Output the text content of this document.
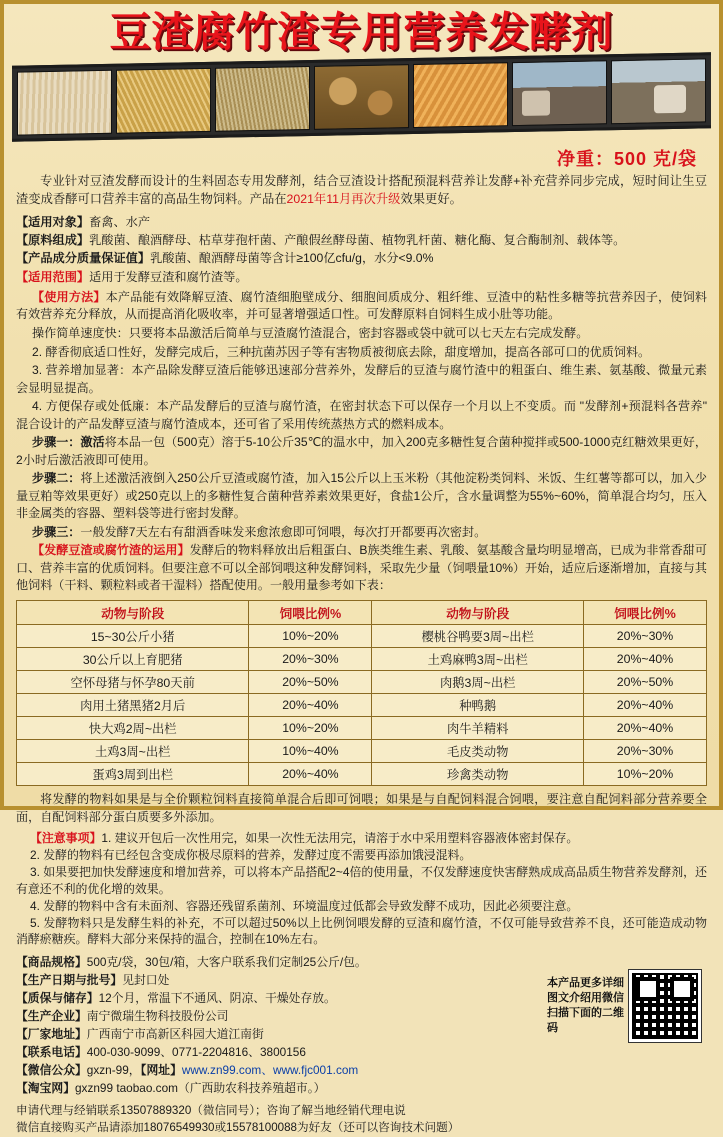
豆渣腐竹渣专用营养发酵剂
净重：500 克/袋
专业针对豆渣发酵而设计的生料固态专用发酵剂，结合豆渣设计搭配预混料营养让发酵+补充营养同步完成，短时间让生豆渣变成香酵可口营养丰富的高品生物饲料。产品在2021年11月再次升级效果更好。
【适用对象】畜禽、水产
【原料组成】乳酸菌、酿酒酵母、枯草芽孢杆菌、产酿假丝酵母菌、植物乳杆菌、糖化酶、复合酶制剂、载体等。
【产品成分质量保证值】乳酸菌、酿酒酵母菌等含计≥100亿cfu/g，水分<9.0%
【适用范围】适用于发酵豆渣和腐竹渣等。

【使用方法】本产品能有效降解豆渣、腐竹渣细胞壁成分、细胞间质成分、粗纤维、豆渣中的粘性多糖等抗营养因子，使饲料有效营养充分释放，从而提高消化吸收率，并可显著增强适口性。可发酵原料自饲料生成小肚等功能。

操作简单速度快：只要将本品激活后简单与豆渣腐竹渣混合，密封容器或袋中就可以七天左右完成发酵。

2. 酵香彻底适口性好，发酵完成后，三种抗菌苏因子等有害物质被彻底去除，甜度增加，提高各部可口的优质饲料。

3. 营养增加显著：本产品除发酵豆渣后能够迅速部分营养外，发酵后的豆渣与腐竹渣中的粗蛋白、维生素、氨基酸、微量元素会显明显提高。

4. 方便保存或处低廉：本产品发酵后的豆渣与腐竹渣，在密封状态下可以保存一个月以上不变质。而 "发酵剂+预混料各营养" 混合设计的产品发酵豆渣与腐竹渣成本，还可省了采用传统蒸热方式的燃料成本。

步骤一：激活将本品一包（500克）溶于5-10公斤35℃的温水中，加入200克多糖性复合菌种搅拌或500-1000克红糖效果更好，2小时后激活液即可使用。

步骤二：将上述激活液倒入250公斤豆渣或腐竹渣，加入15公斤以上玉米粉（其他淀粉类饲料、米饭、生红薯等都可以，加入少量豆粕等效果更好）或250克以上的多糖性复合菌种营养素效果更好，食盐1公斤，含水量调整为55%~60%，简单混合均匀，压入非金属类的容器、塑料袋等进行密封发酵。

步骤三：一般发酵7天左右有甜酒香味发来愈浓愈即可饲喂，每次打开都要再次密封。

【发酵豆渣或腐竹渣的运用】发酵后的物料释放出后粗蛋白、B族类维生素、乳酸、氨基酸含量均明显增高，已成为非常香甜可口、营养丰富的优质饲料。但要注意不可以全部饲喂这种发酵饲料，采取先少量（饲喂量10%）开始，适应后逐渐增加，直接与其他饲料（干料、颗粒料或者干湿料）搭配使用。一般用量参考如下表：

动物与阶段	饲喂比例%	动物与阶段	饲喂比例%
15~30公斤小猪	10%~20%	樱桃谷鸭要3周~出栏	20%~30%
30公斤以上育肥猪	20%~30%	土鸡麻鸭3周~出栏	20%~40%
空怀母猪与怀孕80天前	20%~50%	肉鹅3周~出栏	20%~50%
肉用土猪黑猪2月后	20%~40%	种鸭鹅	20%~40%
快大鸡2周~出栏	10%~20%	肉牛羊精料	20%~40%
土鸡3周~出栏	10%~40%	毛皮类动物	20%~30%
蛋鸡3周到出栏	20%~40%	珍禽类动物	10%~20%
将发酵的物料如果是与全价颗粒饲料直接简单混合后即可饲喂；如果是与自配饲料混合饲喂，要注意自配饲料部分营养要全面，自配饲料部分蛋白质要多外添加。

【注意事项】1. 建议开包后一次性用完，如果一次性无法用完，请溶于水中采用塑料容器液体密封保存。

2. 发酵的物料有已经包含变成你极尽原料的营养，发酵过度不需要再添加饿浸混料。

3. 如果要把加快发酵速度和增加营养，可以将本产品搭配2~4倍的使用量，不仅发酵速度快害酵熟成成高品质生物营养发酵剂，还有意还不利的优化增的效果。

4. 发酵的物料中含有未面剂、容器还残留系菌剂、环境温度过低都会导致发酵不成功，因此必须要注意。

5. 发酵物料只是发酵生料的补充，不可以超过50%以上比例饲喂发酵的豆渣和腐竹渣，不仅可能导致营养不良，还可能造成动物消酵瘀糖疾。酵料大部分来保持的温合，控制在10%左右。

【商品规格】500克/袋，30包/箱，大客户联系我们定制25公斤/包。
【生产日期与批号】见封口处
【质保与储存】12个月，常温下不通风、阴凉、干燥处存放。
【生产企业】南宁微瑞生物科技股份公司
【厂家地址】广西南宁市高新区科园大道江南街
【联系电话】400-030-9099、0771-2204816、3800156
【微信公众】gxzn-99，【网址】www.zn99.com、www.fjc001.com
【淘宝网】gxzn99 taobao.com（广西助农科技养殖超市。）
本产品更多详细图文介绍用微信扫描下面的二维码
申请代理与经销联系13507889320（微信同号）；咨询了解当地经销代理电说
微信直接购买产品请添加18076549930或15578100088为好友（还可以咨询技术问题）
